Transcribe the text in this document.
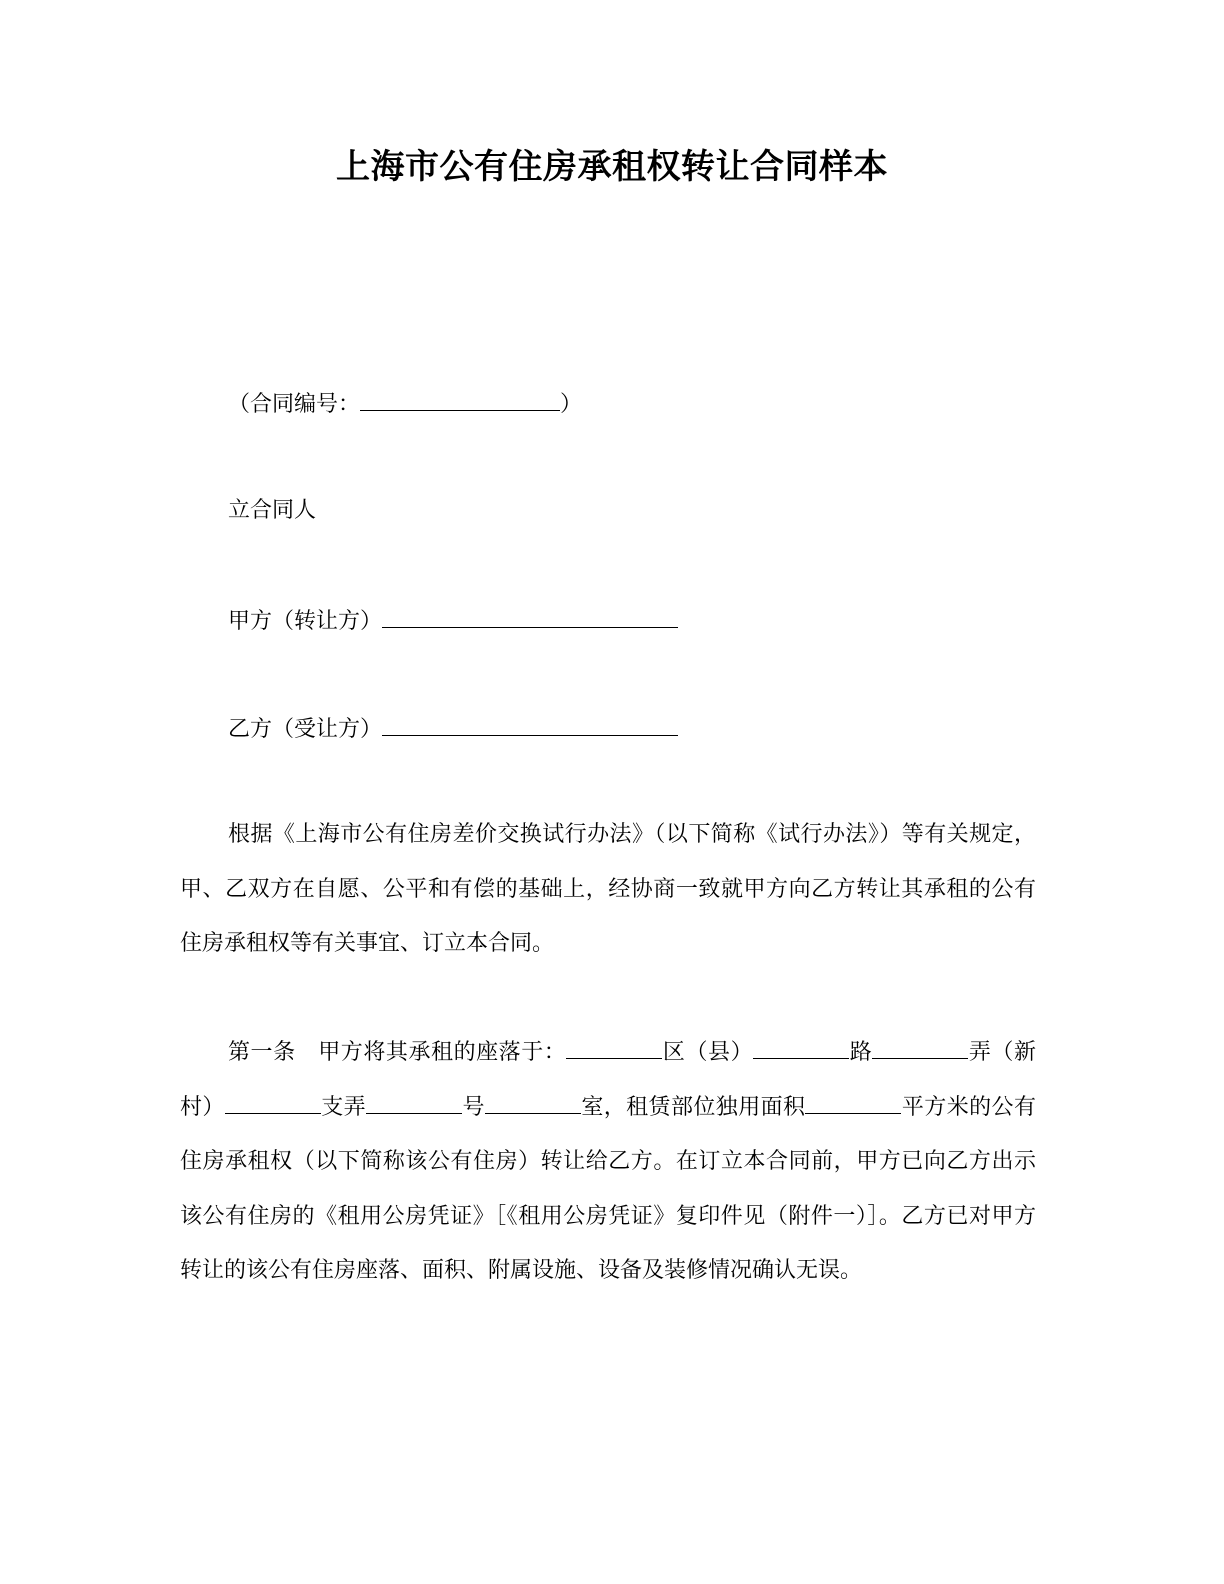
上海市公有住房承租权转让合同样本
（合同编号：	）
立合同人
甲方（转让方）
乙方（受让方）
根据《上海市公有住房差价交换试行办法》（以下简称《试行办法》）等有关规定，甲、乙双方在自愿、公平和有偿的基础上，经协商一致就甲方向乙方转让其承租的公有住房承租权等有关事宜、订立本合同。
第一条　甲方将其承租的座落于：	区（县）	路	弄（新村）	支弄	号	室，租赁部位独用面积	平方米的公有住房承租权（以下简称该公有住房）转让给乙方。在订立本合同前，甲方已向乙方出示该公有住房的《租用公房凭证》［《租用公房凭证》复印件见（附件一）］。乙方已对甲方转让的该公有住房座落、面积、附属设施、设备及装修情况确认无误。
